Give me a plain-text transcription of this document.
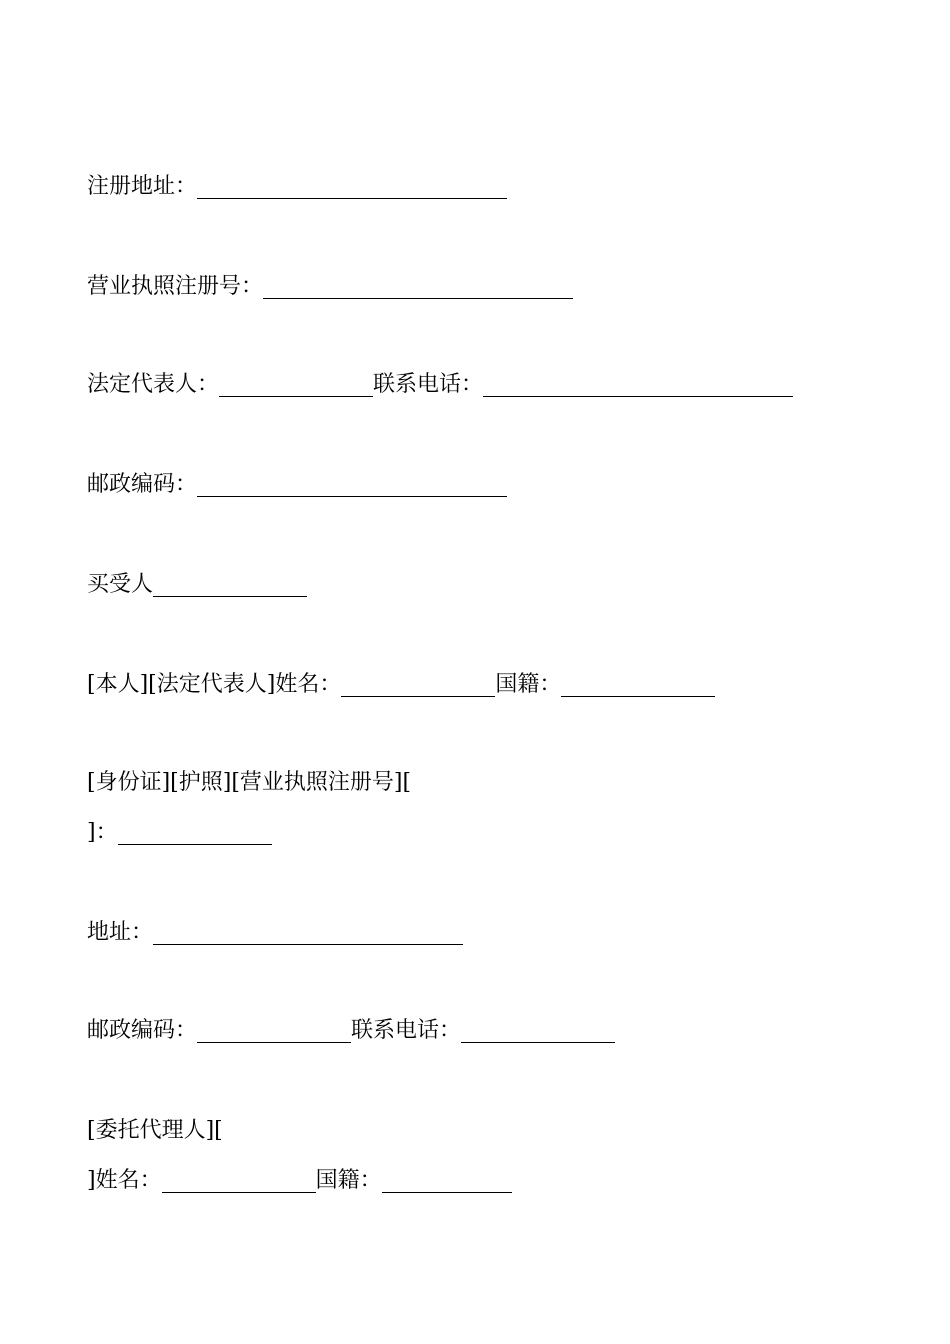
注册地址：
营业执照注册号：
法定代表人：	联系电话：
邮政编码：
买受人
[本人][法定代表人]姓名：	国籍：
[身份证][护照][营业执照注册号][
]：
地址：
邮政编码：	联系电话：
[委托代理人][
]姓名：	国籍：
